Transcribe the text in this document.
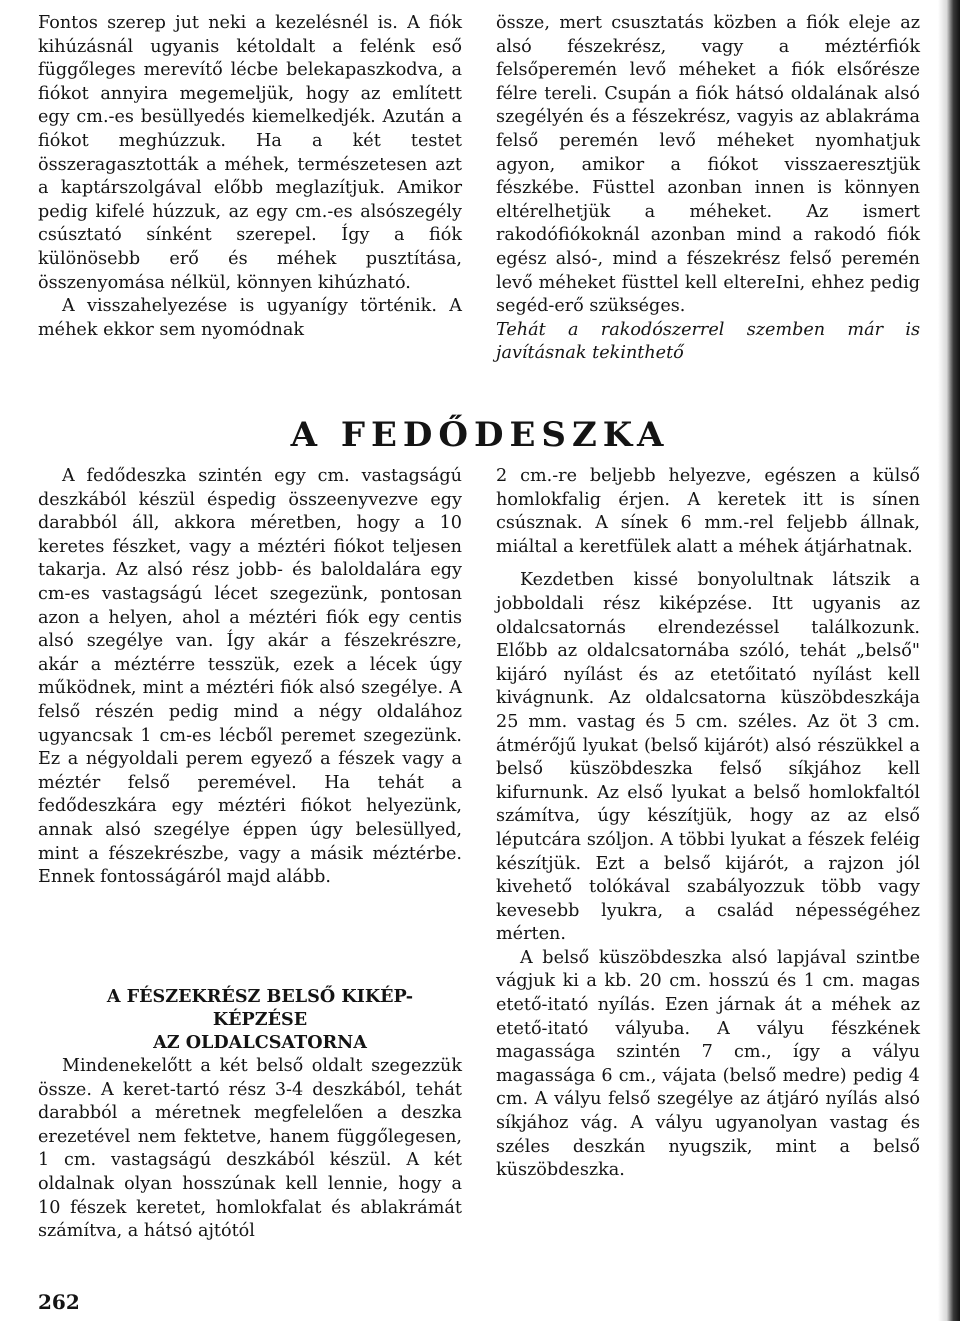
Fontos szerep jut neki a kezelésnél is. A fiók kihúzásnál ugyanis kétoldalt a felénk eső függőleges merevítő lécbe belekapaszkodva, a fiókot annyira megemeljük, hogy az említett egy cm.-es besüllyedés kiemelkedjék. Azután a fiókot meghúzzuk. Ha a két testet összeragasztották a méhek, természetesen azt a kaptárszolgával előbb meglazítjuk. Amikor pedig kifelé húzzuk, az egy cm.-es alsószegély csúsztató sínként szerepel. Így a fiók különösebb erő és méhek pusztítása, összenyomása nélkül, könnyen kihúzható.

A visszahelyezése is ugyanígy történik. A méhek ekkor sem nyomódnak

össze, mert csusztatás közben a fiók eleje az alsó fészekrész, vagy a méztérfiók felsőperemén levő méheket a fiók elsőrésze félre tereli. Csupán a fiók hátsó oldalának alsó szegélyén és a fészekrész, vagyis az ablakráma felső peremén levő méheket nyomhatjuk agyon, amikor a fiókot visszaeresztjük fészkébe. Füsttel azonban innen is könnyen eltérelhetjük a méheket. Az ismert rakodófiókoknál azonban mind a rakodó fiók egész alsó-, mind a fészekrész felső peremén levő méheket füsttel kell eltereIni, ehhez pedig segéd-erő szükséges.

Tehát a rakodószerrel szemben már is javításnak tekinthető

A FEDŐDESZKA

A fedődeszka szintén egy cm. vastagságú deszkából készül éspedig összeenyvezve egy darabból áll, akkora méretben, hogy a 10 keretes fészket, vagy a méztéri fiókot teljesen takarja. Az alsó rész jobb- és baloldalára egy cm-es vastagságú lécet szegezünk, pontosan azon a helyen, ahol a méztéri fiók egy centis alsó szegélye van. Így akár a fészekrészre, akár a méztérre tesszük, ezek a lécek úgy működnek, mint a méztéri fiók alsó szegélye. A felső részén pedig mind a négy oldalához ugyancsak 1 cm-es lécből peremet szegezünk. Ez a négyoldali perem egyező a fészek vagy a méztér felső peremével. Ha tehát a fedődeszkára egy méztéri fiókot helyezünk, annak alsó szegélye éppen úgy belesüllyed, mint a fészekrészbe, vagy a másik méztérbe. Ennek fontosságáról majd alább.

A FÉSZEKRÉSZ BELSŐ KIKÉP-
KÉPZÉSE
AZ OLDALCSATORNA

Mindenekelőtt a két belső oldalt szegezzük össze. A keret-tartó rész 3-4 deszkából, tehát darabból a méretnek megfelelően a deszka erezetével nem fektetve, hanem függőlegesen, 1 cm. vastagságú deszkából készül. A két oldalnak olyan hosszúnak kell lennie, hogy a 10 fészek keretet, homlokfalat és ablakrámát számítva, a hátsó ajtótól

2 cm.-re beljebb helyezve, egészen a külső homlokfalig érjen. A keretek itt is sínen csúsznak. A sínek 6 mm.-rel feljebb állnak, miáltal a keretfülek alatt a méhek átjárhatnak.

Kezdetben kissé bonyolultnak látszik a jobboldali rész kiképzése. Itt ugyanis az oldalcsatornás elrendezéssel találkozunk. Előbb az oldalcsatornába szóló, tehát „belső" kijáró nyílást és az etetőitató nyílást kell kivágnunk. Az oldalcsatorna küszöbdeszkája 25 mm. vastag és 5 cm. széles. Az öt 3 cm. átmérőjű lyukat (belső kijárót) alsó részükkel a belső küszöbdeszka felső síkjához kell kifurnunk. Az első lyukat a belső homlokfaltól számítva, úgy készítjük, hogy az az első léputcára szóljon. A többi lyukat a fészek feléig készítjük. Ezt a belső kijárót, a rajzon jól kivehető tolókával szabályozzuk több vagy kevesebb lyukra, a család népességéhez mérten.

A belső küszöbdeszka alsó lapjával szintbe vágjuk ki a kb. 20 cm. hosszú és 1 cm. magas etető-itató nyílás. Ezen járnak át a méhek az etető-itató vályuba. A vályu fészkének magassága szintén 7 cm., így a vályu magassága 6 cm., vájata (belső medre) pedig 4 cm. A vályu felső szegélye az átjáró nyílás alsó síkjához vág. A vályu ugyanolyan vastag és széles deszkán nyugszik, mint a belső küszöbdeszka.

262
